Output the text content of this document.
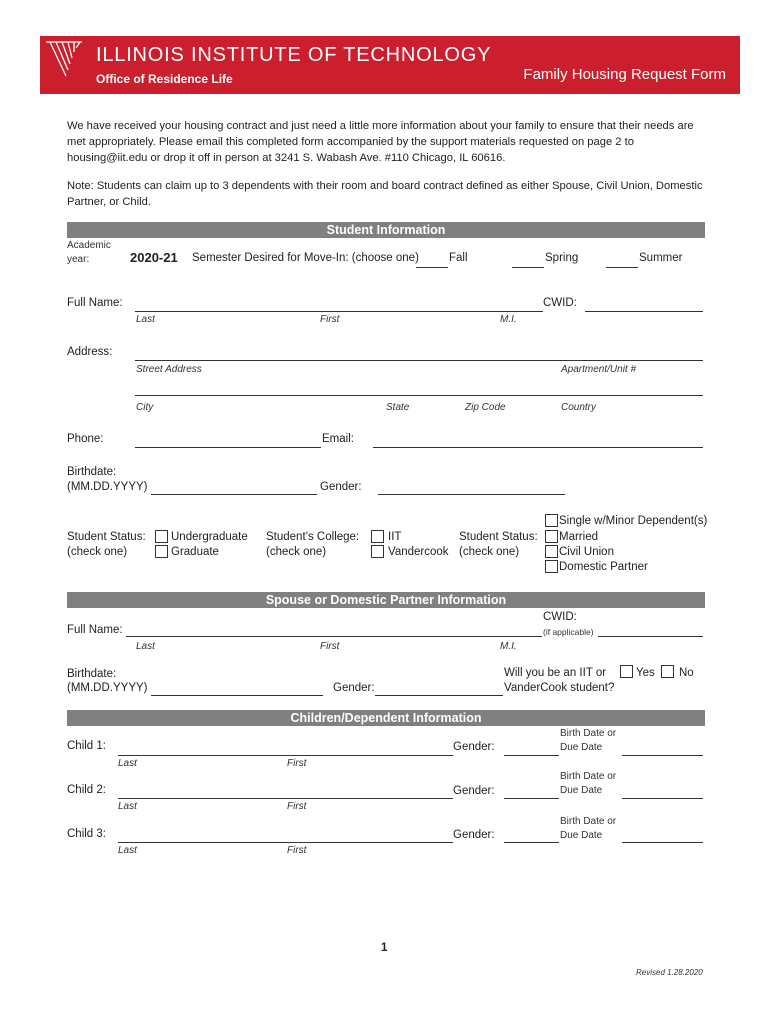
ILLINOIS INSTITUTE OF TECHNOLOGY
Office of Residence Life	Family Housing Request Form
We have received your housing contract and just need a little more information about your family to ensure that their needs are met appropriately. Please email this completed form accompanied by the support materials requested on page 2 to housing@iit.edu or drop it off in person at 3241 S. Wabash Ave. #110 Chicago, IL 60616.
Note: Students can claim up to 3 dependents with their room and board contract defined as either Spouse, Civil Union, Domestic Partner, or Child.
Student Information
Academic
year:	2020-21 Semester Desired for Move-In: (choose one)	Fall	Spring	Summer
Full Name:	CWID:
Last	First	M.I.
Address:
Street Address	Apartment/Unit #
City	State	Zip Code	Country
Phone:	Email:
Birthdate:
(MM.DD.YYYY)	Gender:
Student Status:
(check one)
Undergraduate
Graduate
Student’s College:
(check one)
IIT
Vandercook
Student Status:
(check one)
Single w/Minor Dependent(s)
Married
Civil Union
Domestic Partner
Spouse or Domestic Partner Information
CWID:
Full Name:	(if applicable)
Last	First	M.I.
Birthdate:
(MM.DD.YYYY)	Gender:
Will you be an IIT or
VanderCook student?
Yes No
Children/Dependent Information
Child 1:	Gender:
Birth Date or
Due Date
Last	First
Child 2:	Gender:
Birth Date or
Due Date
Last	First
Child 3:	Gender:
Birth Date or
Due Date
Last	First
1
Revised 1.28.2020
